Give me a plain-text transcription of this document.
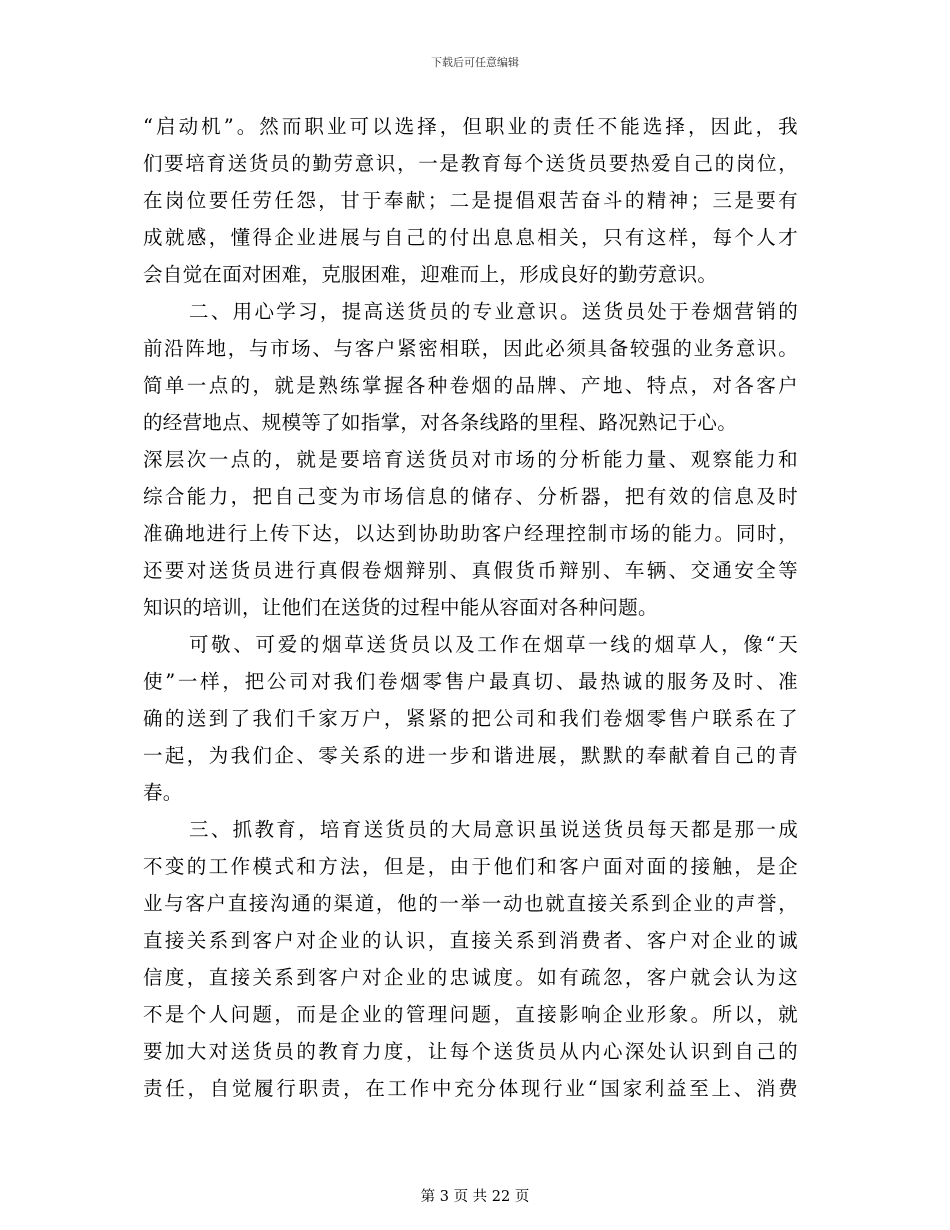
下载后可任意编辑
“启动机”。然而职业可以选择，但职业的责任不能选择，因此，我
们要培育送货员的勤劳意识，一是教育每个送货员要热爱自己的岗位，
在岗位要任劳任怨，甘于奉献；二是提倡艰苦奋斗的精神；三是要有
成就感，懂得企业进展与自己的付出息息相关，只有这样，每个人才
会自觉在面对困难，克服困难，迎难而上，形成良好的勤劳意识。
二、用心学习，提高送货员的专业意识。送货员处于卷烟营销的
前沿阵地，与市场、与客户紧密相联，因此必须具备较强的业务意识。
简单一点的，就是熟练掌握各种卷烟的品牌、产地、特点，对各客户
的经营地点、规模等了如指掌，对各条线路的里程、路况熟记于心。
深层次一点的，就是要培育送货员对市场的分析能力量、观察能力和
综合能力，把自己变为市场信息的储存、分析器，把有效的信息及时
准确地进行上传下达，以达到协助助客户经理控制市场的能力。同时，
还要对送货员进行真假卷烟辩别、真假货币辩别、车辆、交通安全等
知识的培训，让他们在送货的过程中能从容面对各种问题。
可敬、可爱的烟草送货员以及工作在烟草一线的烟草人，像“天
使”一样，把公司对我们卷烟零售户最真切、最热诚的服务及时、准
确的送到了我们千家万户，紧紧的把公司和我们卷烟零售户联系在了
一起，为我们企、零关系的进一步和谐进展，默默的奉献着自己的青
春。
三、抓教育，培育送货员的大局意识虽说送货员每天都是那一成
不变的工作模式和方法，但是，由于他们和客户面对面的接触，是企
业与客户直接沟通的渠道，他的一举一动也就直接关系到企业的声誉，
直接关系到客户对企业的认识，直接关系到消费者、客户对企业的诚
信度，直接关系到客户对企业的忠诚度。如有疏忽，客户就会认为这
不是个人问题，而是企业的管理问题，直接影响企业形象。所以，就
要加大对送货员的教育力度，让每个送货员从内心深处认识到自己的
责任，自觉履行职责，在工作中充分体现行业“国家利益至上、消费
第 3 页 共 22 页
